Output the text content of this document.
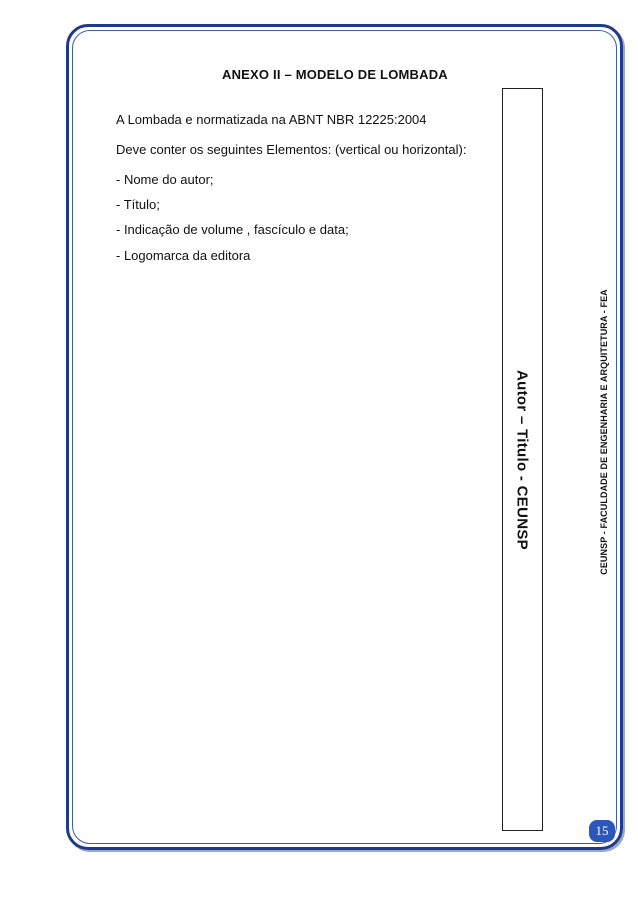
ANEXO II – MODELO DE LOMBADA
A Lombada e normatizada na ABNT NBR 12225:2004
Deve conter os seguintes Elementos: (vertical ou horizontal):
- Nome do autor;
- Título;
- Indicação de volume , fascículo e data;
- Logomarca da editora
Autor – Titulo - CEUNSP	CEUNSP - FACULDADE DE ENGENHARIA E ARQUITETURA - FEA
15
